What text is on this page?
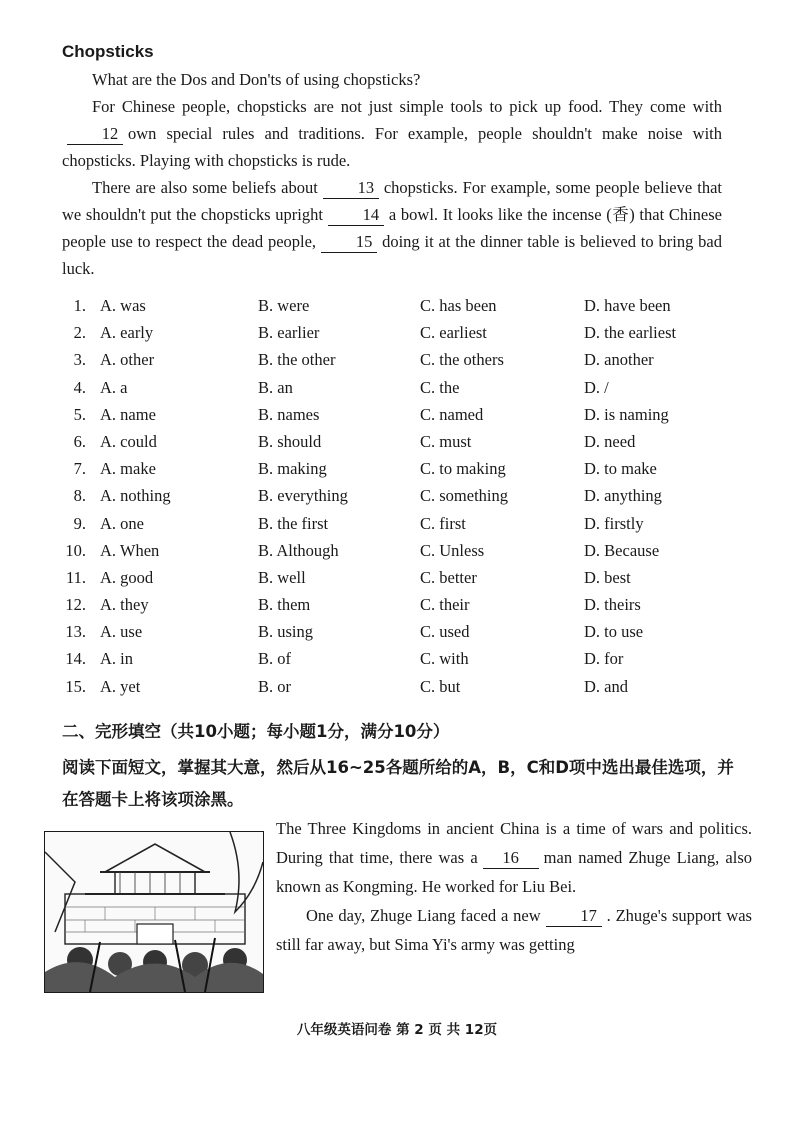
Chopsticks

What are the Dos and Don'ts of using chopsticks?

For Chinese people, chopsticks are not just simple tools to pick up food. They come with12 own special rules and traditions. For example, people shouldn't make noise with chopsticks. Playing with chopsticks is rude.

There are also some beliefs about 13 chopsticks. For example, some people believe that we shouldn't put the chopsticks upright 14 a bowl. It looks like the incense (香) that Chinese people use to respect the dead people, 15 doing it at the dinner table is believed to bring bad luck.

1. A. was	B. were	C. has been	D. have been
2. A. early	B. earlier	C. earliest	D. the earliest
3. A. other	B. the other	C. the others	D. another
4. A. a	B. an	C. the	D. /
5. A. name	B. names	C. named	D. is naming
6. A. could	B. should	C. must	D. need
7. A. make	B. making	C. to making	D. to make
8. A. nothing	B. everything	C. something	D. anything
9. A. one	B. the first	C. first	D. firstly
10. A. When	B. Although	C. Unless	D. Because
11. A. good	B. well	C. better	D. best
12. A. they	B. them	C. their	D. theirs
13. A. use	B. using	C. used	D. to use
14. A. in	B. of	C. with	D. for
15. A. yet	B. or	C. but	D. and
二、完形填空（共10小题；每小题1分，满分10分）
阅读下面短文，掌握其大意，然后从16~25各题所给的A，B，C和D项中选出最佳选项，并在答题卡上将该项涂黑。

The Three Kingdoms in ancient China is a time of wars and politics. During that time, there was a 16 man named Zhuge Liang, also known as Kongming. He worked for Liu Bei.

One day, Zhuge Liang faced a new 17 . Zhuge's support was still far away, but Sima Yi's army was getting

八年级英语问卷 第 2 页 共 12页
